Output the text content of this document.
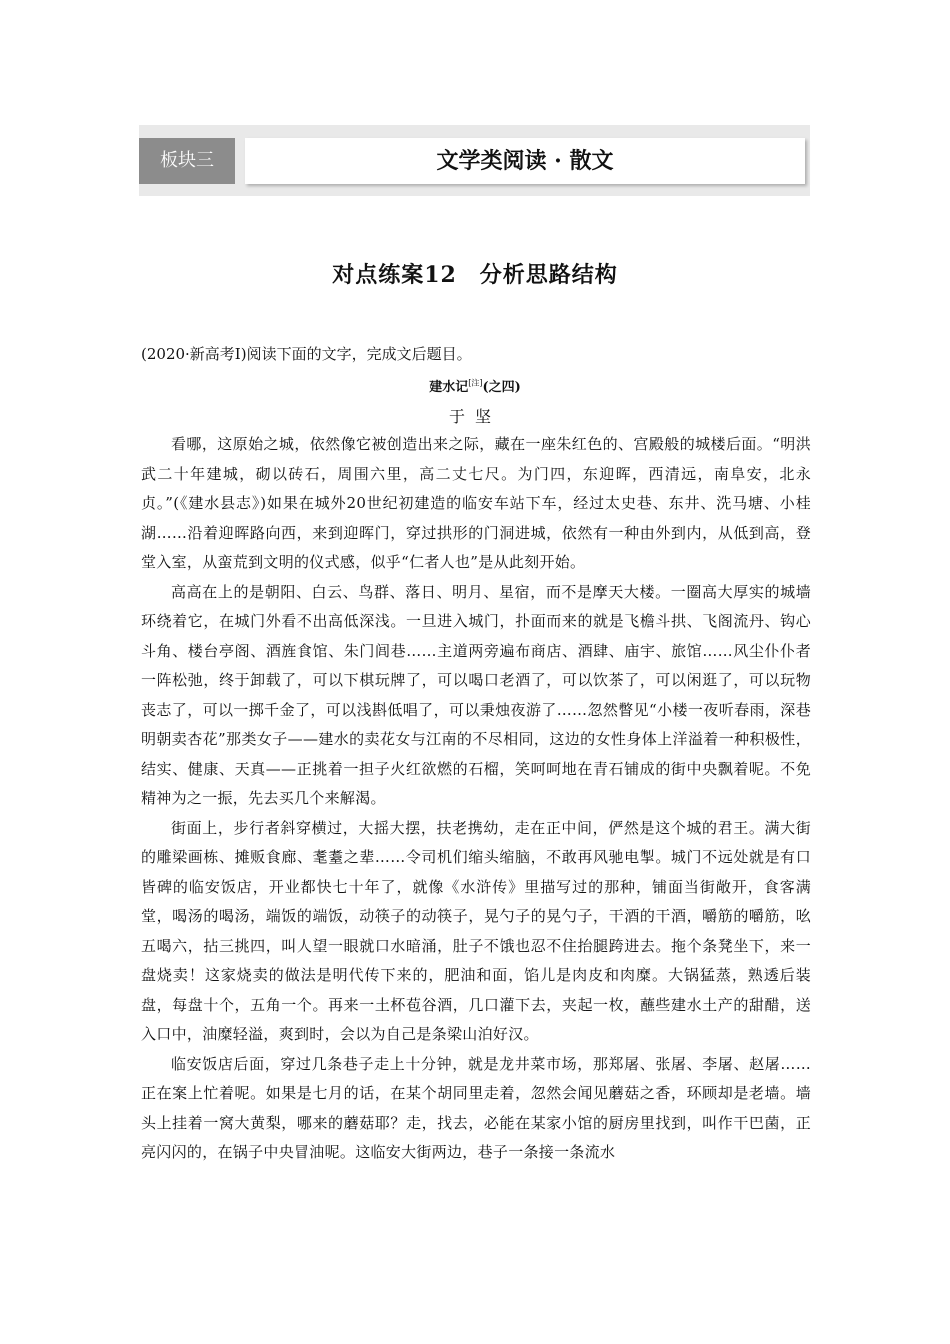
板块三	文学类阅读 · 散文
对点练案12　分析思路结构
(2020·新高考Ⅰ)阅读下面的文字，完成文后题目。
建水记[注](之四)
于坚

看哪，这原始之城，依然像它被创造出来之际，藏在一座朱红色的、宫殿般的城楼后面。“明洪武二十年建城，砌以砖石，周围六里，高二丈七尺。为门四，东迎晖，西清远，南阜安，北永贞。”(《建水县志》)如果在城外20世纪初建造的临安车站下车，经过太史巷、东井、洗马塘、小桂湖……沿着迎晖路向西，来到迎晖门，穿过拱形的门洞进城，依然有一种由外到内，从低到高，登堂入室，从蛮荒到文明的仪式感，似乎“仁者人也”是从此刻开始。

高高在上的是朝阳、白云、鸟群、落日、明月、星宿，而不是摩天大楼。一圈高大厚实的城墙环绕着它，在城门外看不出高低深浅。一旦进入城门，扑面而来的就是飞檐斗拱、飞阁流丹、钩心斗角、楼台亭阁、酒旌食馆、朱门闾巷……主道两旁遍布商店、酒肆、庙宇、旅馆……风尘仆仆者一阵松弛，终于卸载了，可以下棋玩牌了，可以喝口老酒了，可以饮茶了，可以闲逛了，可以玩物丧志了，可以一掷千金了，可以浅斟低唱了，可以秉烛夜游了……忽然瞥见“小楼一夜听春雨，深巷明朝卖杏花”那类女子——建水的卖花女与江南的不尽相同，这边的女性身体上洋溢着一种积极性，结实、健康、天真——正挑着一担子火红欲燃的石榴，笑呵呵地在青石铺成的街中央飘着呢。不免精神为之一振，先去买几个来解渴。

街面上，步行者斜穿横过，大摇大摆，扶老携幼，走在正中间，俨然是这个城的君王。满大街的雕梁画栋、摊贩食廊、耄耋之辈……令司机们缩头缩脑，不敢再风驰电掣。城门不远处就是有口皆碑的临安饭店，开业都快七十年了，就像《水浒传》里描写过的那种，铺面当街敞开，食客满堂，喝汤的喝汤，端饭的端饭，动筷子的动筷子，晃勺子的晃勺子，干酒的干酒，嚼筋的嚼筋，吆五喝六，拈三挑四，叫人望一眼就口水暗涌，肚子不饿也忍不住抬腿跨进去。拖个条凳坐下，来一盘烧卖！这家烧卖的做法是明代传下来的，肥油和面，馅儿是肉皮和肉糜。大锅猛蒸，熟透后装盘，每盘十个，五角一个。再来一土杯苞谷酒，几口灌下去，夹起一枚，蘸些建水土产的甜醋，送入口中，油糜轻溢，爽到时，会以为自己是条梁山泊好汉。

临安饭店后面，穿过几条巷子走上十分钟，就是龙井菜市场，那郑屠、张屠、李屠、赵屠……正在案上忙着呢。如果是七月的话，在某个胡同里走着，忽然会闻见蘑菇之香，环顾却是老墙。墙头上挂着一窝大黄梨，哪来的蘑菇耶？走，找去，必能在某家小馆的厨房里找到，叫作干巴菌，正亮闪闪的，在锅子中央冒油呢。这临安大街两边，巷子一条接一条流水
